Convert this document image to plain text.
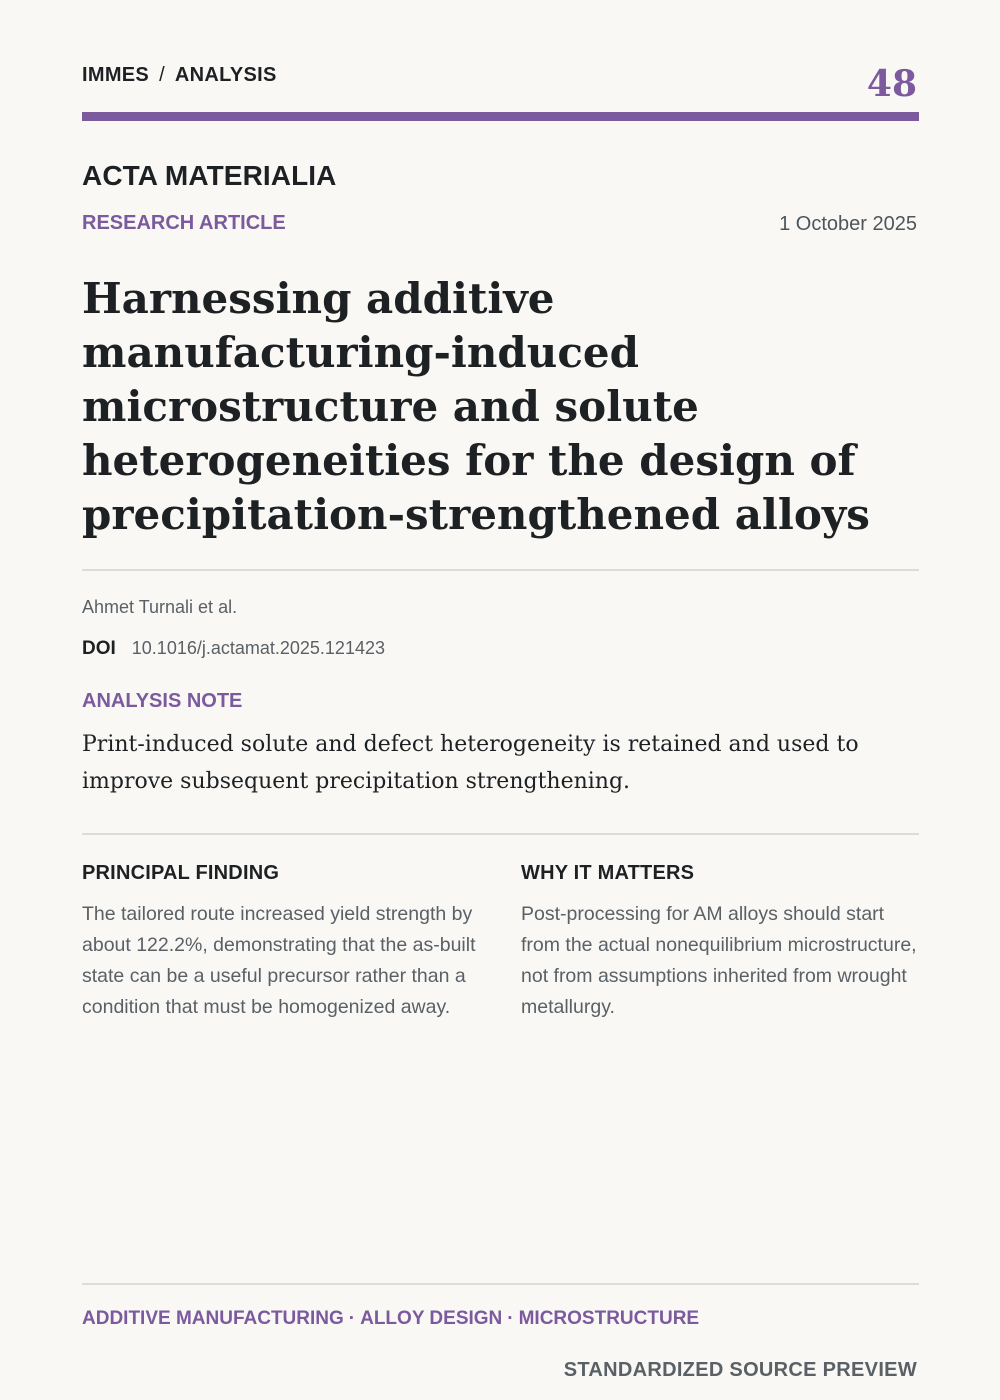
IMMES / ANALYSIS	48
ACTA MATERIALIA
RESEARCH ARTICLE	1 October 2025
Harnessing additive manufacturing-induced microstructure and solute heterogeneities for the design of precipitation-strengthened alloys
Ahmet Turnali et al.
DOI 10.1016/j.actamat.2025.121423
ANALYSIS NOTE

Print-induced solute and defect heterogeneity is retained and used to improve subsequent precipitation strengthening.

PRINCIPAL FINDING

The tailored route increased yield strength by about 122.2%, demonstrating that the as-built state can be a useful precursor rather than a condition that must be homogenized away.

WHY IT MATTERS

Post-processing for AM alloys should start from the actual nonequilibrium microstructure, not from assumptions inherited from wrought metallurgy.

ADDITIVE MANUFACTURING · ALLOY DESIGN · MICROSTRUCTURE
STANDARDIZED SOURCE PREVIEW
